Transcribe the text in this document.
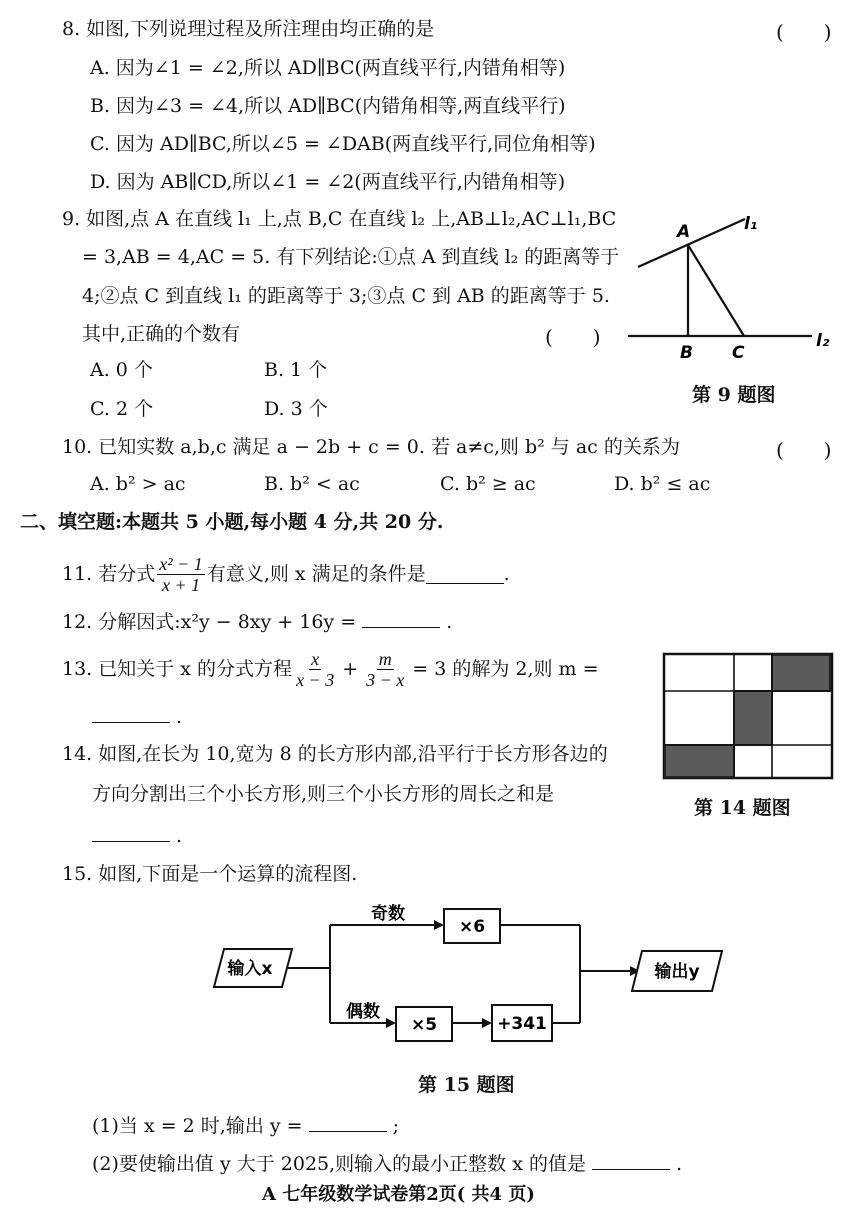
8. 如图,下列说理过程及所注理由均正确的是	(　　)
A. 因为∠1 = ∠2,所以 AD∥BC(两直线平行,内错角相等)
B. 因为∠3 = ∠4,所以 AD∥BC(内错角相等,两直线平行)
C. 因为 AD∥BC,所以∠5 = ∠DAB(两直线平行,同位角相等)
D. 因为 AB∥CD,所以∠1 = ∠2(两直线平行,内错角相等)
9. 如图,点 A 在直线 l₁ 上,点 B,C 在直线 l₂ 上,AB⊥l₂,AC⊥l₁,BC
= 3,AB = 4,AC = 5. 有下列结论:①点 A 到直线 l₂ 的距离等于
4;②点 C 到直线 l₁ 的距离等于 3;③点 C 到 AB 的距离等于 5.
其中,正确的个数有	(　　)
A. 0 个	B. 1 个
C. 2 个	D. 3 个
A
B C
l₁
l₂
第 9 题图
10. 已知实数 a,b,c 满足 a − 2b + c = 0. 若 a≠c,则 b² 与 ac 的关系为	(　　)
A. b² > ac	B. b² < ac	C. b² ≥ ac	D. b² ≤ ac
二、填空题:本题共 5 小题,每小题 4 分,共 20 分.
11. 若分式 $\frac{\text{x² − 1}}{x + 1}$ 有意义,则 x 满足的条件是	.
12. 分解因式:x²y − 8xy + 16y =	.
13. 已知关于 x 的分式方程 $\frac{x}{x - 3} + \frac{m}{3 - x} = 3$ 的解为 2,则 m =
.
14. 如图,在长为 10,宽为 8 的长方形内部,沿平行于长方形各边的
方向分割出三个小长方形,则三个小长方形的周长之和是
.
第 14 题图
15. 如图,下面是一个运算的流程图.
输入x
奇数
×6
偶数
×5	+341
输出y
第 15 题图
(1)当 x = 2 时,输出 y =	;
(2)要使输出值 y 大于 2025,则输入的最小正整数 x 的值是	.
A 七年级数学试卷第2页( 共4 页)
